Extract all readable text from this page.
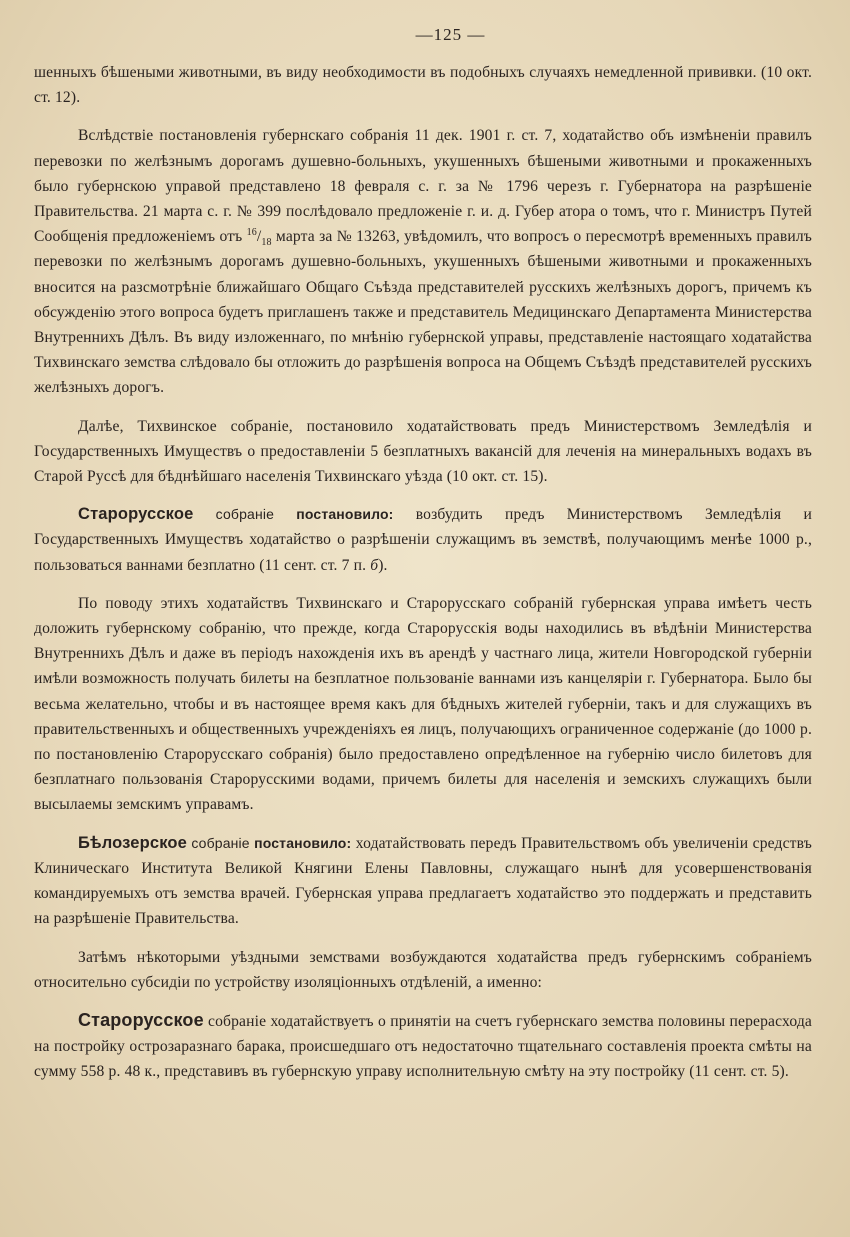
—125 —

шенныхъ бѣшеными животными, въ виду необходимости въ подобныхъ случаяхъ немедленной прививки. (10 окт. ст. 12).

Вслѣдствіе постановленія губернскаго собранія 11 дек. 1901 г. ст. 7, ходатайство объ измѣненіи правилъ перевозки по желѣзнымъ дорогамъ душевно-больныхъ, укушенныхъ бѣшеными животными и прокаженныхъ было губернскою управой представлено 18 февраля с. г. за № 1796 черезъ г. Губернатора на разрѣшеніе Правительства. 21 марта с. г. № 399 послѣдовало предложеніе г. и. д. Губер атора о томъ, что г. Министръ Путей Сообщенія предложеніемъ отъ $^{16}/_{18}$ марта за № 13263, увѣдомилъ, что вопросъ о пересмотрѣ временныхъ правилъ перевозки по желѣзнымъ дорогамъ душевно-больныхъ, укушенныхъ бѣшеными животными и прокаженныхъ вносится на разсмотрѣніе ближайшаго Общаго Съѣзда представителей русскихъ желѣзныхъ дорогъ, причемъ къ обсужденію этого вопроса будетъ приглашенъ также и представитель Медицинскаго Департамента Министерства Внутреннихъ Дѣлъ. Въ виду изложеннаго, по мнѣнію губернской управы, представленіе настоящаго ходатайства Тихвинскаго земства слѣдовало бы отложить до разрѣшенія вопроса на Общемъ Съѣздѣ представителей русскихъ желѣзныхъ дорогъ.

Далѣе, Тихвинское собраніе, постановило ходатайствовать предъ Министерствомъ Земледѣлія и Государственныхъ Имуществъ о предоставленіи 5 безплатныхъ вакансій для леченія на минеральныхъ водахъ въ Старой Руссѣ для бѣднѣйшаго населенія Тихвинскаго уѣзда (10 окт. ст. 15).

Старорусское собраніе постановило: возбудить предъ Министерствомъ Земледѣлія и Государственныхъ Имуществъ ходатайство о разрѣшеніи служащимъ въ земствѣ, получающимъ менѣе 1000 р., пользоваться ваннами безплатно (11 сент. ст. 7 п. б).

По поводу этихъ ходатайствъ Тихвинскаго и Старорусскаго собраній губернская управа имѣетъ честь доложить губернскому собранію, что прежде, когда Старорусскія воды находились въ вѣдѣніи Министерства Внутреннихъ Дѣлъ и даже въ періодъ нахожденія ихъ въ арендѣ у частнаго лица, жители Новгородской губерніи имѣли возможность получать билеты на безплатное пользованіе ваннами изъ канцеляріи г. Губернатора. Было бы весьма желательно, чтобы и въ настоящее время какъ для бѣдныхъ жителей губерніи, такъ и для служащихъ въ правительственныхъ и общественныхъ учрежденіяхъ ея лицъ, получающихъ ограниченное содержаніе (до 1000 р. по постановленію Старорусскаго собранія) было предоставлено опредѣленное на губернію число билетовъ для безплатнаго пользованія Старорусскими водами, причемъ билеты для населенія и земскихъ служащихъ были высылаемы земскимъ управамъ.

Бѣлозерское собраніе постановило: ходатайствовать передъ Правительствомъ объ увеличеніи средствъ Клиническаго Института Великой Княгини Елены Павловны, служащаго нынѣ для усовершенствованія командируемыхъ отъ земства врачей. Губернская управа предлагаетъ ходатайство это поддержать и представить на разрѣшеніе Правительства.

Затѣмъ нѣкоторыми уѣздными земствами возбуждаются ходатайства предъ губернскимъ собраніемъ относительно субсидіи по устройству изоляціонныхъ отдѣленій, а именно:

Старорусское собраніе ходатайствуетъ о принятіи на счетъ губернскаго земства половины перерасхода на постройку острозаразнаго барака, происшедшаго отъ недостаточно тщательнаго составленія проекта смѣты на сумму 558 р. 48 к., представивъ въ губернскую управу исполнительную смѣту на эту постройку (11 сент. ст. 5).
